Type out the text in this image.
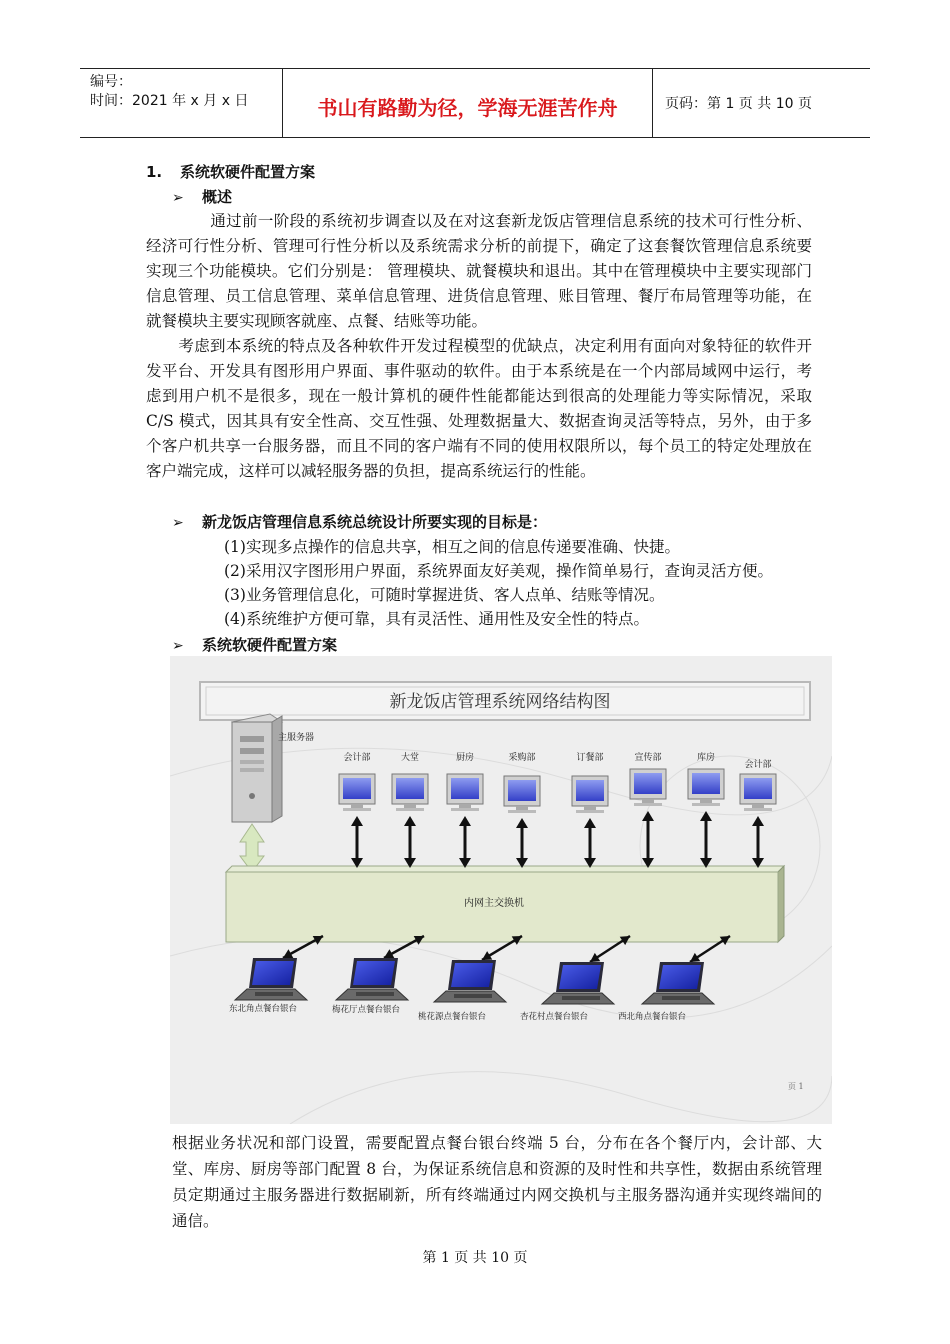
编号：
时间：2021 年 x 月 x 日	书山有路勤为径，学海无涯苦作舟	页码：第 1 页 共 10 页
1. 系统软硬件配置方案
➢ 概述
通过前一阶段的系统初步调查以及在对这套新龙饭店管理信息系统的技术可行性分析、经济可行性分析、管理可行性分析以及系统需求分析的前提下，确定了这套餐饮管理信息系统要实现三个功能模块。它们分别是： 管理模块、就餐模块和退出。其中在管理模块中主要实现部门信息管理、员工信息管理、菜单信息管理、进货信息管理、账目管理、餐厅布局管理等功能，在就餐模块主要实现顾客就座、点餐、结账等功能。
考虑到本系统的特点及各种软件开发过程模型的优缺点，决定利用有面向对象特征的软件开发平台、开发具有图形用户界面、事件驱动的软件。由于本系统是在一个内部局域网中运行，考虑到用户机不是很多，现在一般计算机的硬件性能都能达到很高的处理能力等实际情况，采取 C/S 模式，因其具有安全性高、交互性强、处理数据量大、数据查询灵活等特点，另外，由于多个客户机共享一台服务器，而且不同的客户端有不同的使用权限所以，每个员工的特定处理放在客户端完成，这样可以减轻服务器的负担，提高系统运行的性能。
➢ 新龙饭店管理信息系统总统设计所要实现的目标是：
(1)实现多点操作的信息共享，相互之间的信息传递要准确、快捷。
(2)采用汉字图形用户界面，系统界面友好美观，操作简单易行，查询灵活方便。
(3)业务管理信息化，可随时掌握进货、客人点单、结账等情况。
(4)系统维护方便可靠，具有灵活性、通用性及安全性的特点。
➢ 系统软硬件配置方案
新龙饭店管理系统网络结构图
主服务器
内网主交换机
会计部	大堂	厨房	采购部	订餐部	宣传部	库房
会计部
东北角点餐台银台	梅花厅点餐台银台
桃花源点餐台银台	杏花村点餐台银台	西北角点餐台银台
页 1
根据业务状况和部门设置，需要配置点餐台银台终端 5 台，分布在各个餐厅内，会计部、大堂、库房、厨房等部门配置 8 台，为保证系统信息和资源的及时性和共享性，数据由系统管理员定期通过主服务器进行数据刷新，所有终端通过内网交换机与主服务器沟通并实现终端间的通信。
第 1 页 共 10 页
